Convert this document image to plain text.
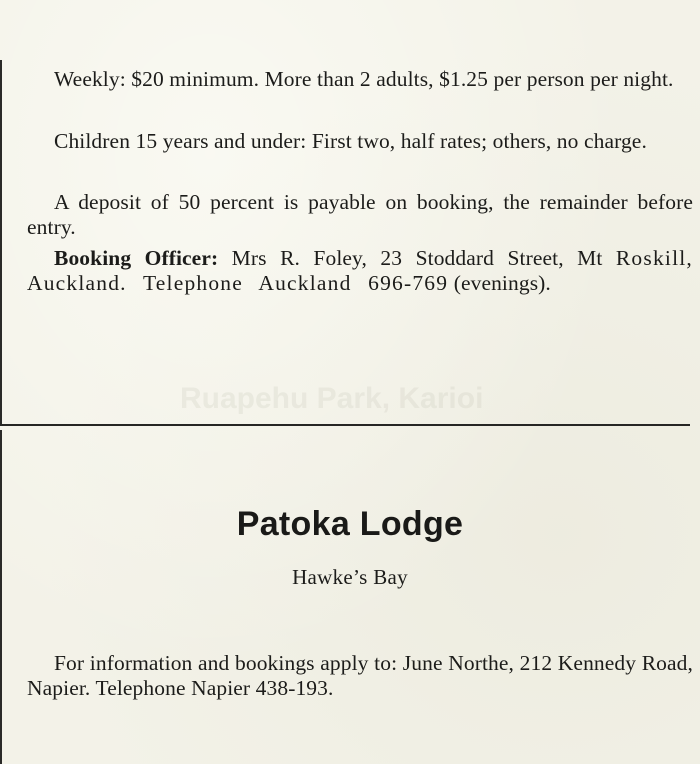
Ruapehu Park, Karioi

Weekly: $20 minimum. More than 2 adults, $1.25 per person per night.

Children 15 years and under: First two, half rates; others, no charge.

A deposit of 50 percent is payable on booking, the remainder before entry.

Booking Officer: Mrs R. Foley, 23 Stoddard Street, Mt Roskill, Auckland. Telephone Auckland 696-769 (evenings).

Patoka Lodge
Hawke’s Bay

For information and bookings apply to: June Northe, 212 Kennedy Road, Napier. Telephone Napier 438-193.
